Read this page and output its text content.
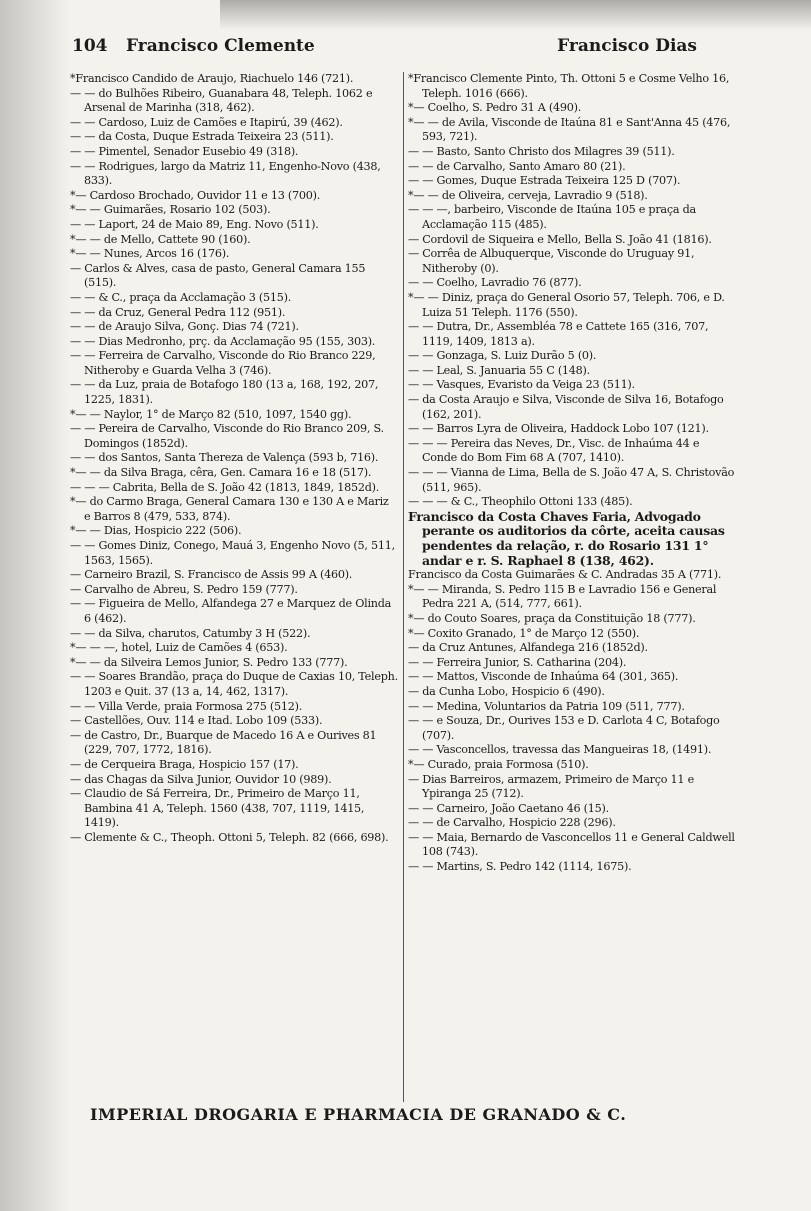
104 Francisco Clemente	Francisco Dias

*Francisco Candido de Araujo, Riachuelo 146 (721).

— — do Bulhões Ribeiro, Guanabara 48, Teleph. 1062 e Arsenal de Marinha (318, 462).

— — Cardoso, Luiz de Camões e Itapirú, 39 (462).

— — da Costa, Duque Estrada Teixeira 23 (511).

— — Pimentel, Senador Eusebio 49 (318).

— — Rodrigues, largo da Matriz 11, Engenho-Novo (438, 833).

*— Cardoso Brochado, Ouvidor 11 e 13 (700).

*— — Guimarães, Rosario 102 (503).

— — Laport, 24 de Maio 89, Eng. Novo (511).

*— — de Mello, Cattete 90 (160).

*— — Nunes, Arcos 16 (176).

— Carlos & Alves, casa de pasto, General Camara 155 (515).

— — & C., praça da Acclamação 3 (515).

— — da Cruz, General Pedra 112 (951).

— — de Araujo Silva, Gonç. Dias 74 (721).

— — Dias Medronho, prç. da Acclamação 95 (155, 303).

— — Ferreira de Carvalho, Visconde do Rio Branco 229, Nitheroby e Guarda Velha 3 (746).

— — da Luz, praia de Botafogo 180 (13 a, 168, 192, 207, 1225, 1831).

*— — Naylor, 1° de Março 82 (510, 1097, 1540 gg).

— — Pereira de Carvalho, Visconde do Rio Branco 209, S. Domingos (1852d).

— — dos Santos, Santa Thereza de Valença (593 b, 716).

*— — da Silva Braga, cêra, Gen. Camara 16 e 18 (517).

— — — Cabrita, Bella de S. João 42 (1813, 1849, 1852d).

*— do Carmo Braga, General Camara 130 e 130 A e Mariz e Barros 8 (479, 533, 874).

*— — Dias, Hospicio 222 (506).

— — Gomes Diniz, Conego, Mauá 3, Engenho Novo (5, 511, 1563, 1565).

— Carneiro Brazil, S. Francisco de Assis 99 A (460).

— Carvalho de Abreu, S. Pedro 159 (777).

— — Figueira de Mello, Alfandega 27 e Marquez de Olinda 6 (462).

— — da Silva, charutos, Catumby 3 H (522).

*— — —, hotel, Luiz de Camões 4 (653).

*— — da Silveira Lemos Junior, S. Pedro 133 (777).

— — Soares Brandão, praça do Duque de Caxias 10, Teleph. 1203 e Quit. 37 (13 a, 14, 462, 1317).

— — Villa Verde, praia Formosa 275 (512).

— Castellões, Ouv. 114 e Itad. Lobo 109 (533).

— de Castro, Dr., Buarque de Macedo 16 A e Ourives 81 (229, 707, 1772, 1816).

— de Cerqueira Braga, Hospicio 157 (17).

— das Chagas da Silva Junior, Ouvidor 10 (989).

— Claudio de Sá Ferreira, Dr., Primeiro de Março 11, Bambina 41 A, Teleph. 1560 (438, 707, 1119, 1415, 1419).

— Clemente & C., Theoph. Ottoni 5, Teleph. 82 (666, 698).

*Francisco Clemente Pinto, Th. Ottoni 5 e Cosme Velho 16, Teleph. 1016 (666).

*— Coelho, S. Pedro 31 A (490).

*— — de Avila, Visconde de Itaúna 81 e Sant'Anna 45 (476, 593, 721).

— — Basto, Santo Christo dos Milagres 39 (511).

— — de Carvalho, Santo Amaro 80 (21).

— — Gomes, Duque Estrada Teixeira 125 D (707).

*— — de Oliveira, cerveja, Lavradio 9 (518).

— — —, barbeiro, Visconde de Itaúna 105 e praça da Acclamação 115 (485).

— Cordovil de Siqueira e Mello, Bella S. João 41 (1816).

— Corrêa de Albuquerque, Visconde do Uruguay 91, Nitheroby (0).

— — Coelho, Lavradio 76 (877).

*— — Diniz, praça do General Osorio 57, Teleph. 706, e D. Luiza 51 Teleph. 1176 (550).

— — Dutra, Dr., Assembléa 78 e Cattete 165 (316, 707, 1119, 1409, 1813 a).

— — Gonzaga, S. Luiz Durão 5 (0).

— — Leal, S. Januaria 55 C (148).

— — Vasques, Evaristo da Veiga 23 (511).

— da Costa Araujo e Silva, Visconde de Silva 16, Botafogo (162, 201).

— — Barros Lyra de Oliveira, Haddock Lobo 107 (121).

— — — Pereira das Neves, Dr., Visc. de Inhaúma 44 e Conde do Bom Fim 68 A (707, 1410).

— — — Vianna de Lima, Bella de S. João 47 A, S. Christovão (511, 965).

— — — & C., Theophilo Ottoni 133 (485).

Francisco da Costa Chaves Faria, Advogado perante os auditorios da côrte, aceita causas pendentes da relação, r. do Rosario 131 1° andar e r. S. Raphael 8 (138, 462).

Francisco da Costa Guimarães & C. Andradas 35 A (771).

*— — Miranda, S. Pedro 115 B e Lavradio 156 e General Pedra 221 A, (514, 777, 661).

*— do Couto Soares, praça da Constituição 18 (777).

*— Coxito Granado, 1° de Março 12 (550).

— da Cruz Antunes, Alfandega 216 (1852d).

— — Ferreira Junior, S. Catharina (204).

— — Mattos, Visconde de Inhaúma 64 (301, 365).

— da Cunha Lobo, Hospicio 6 (490).

— — Medina, Voluntarios da Patria 109 (511, 777).

— — e Souza, Dr., Ourives 153 e D. Carlota 4 C, Botafogo (707).

— — Vasconcellos, travessa das Mangueiras 18, (1491).

*— Curado, praia Formosa (510).

— Dias Barreiros, armazem, Primeiro de Março 11 e Ypiranga 25 (712).

— — Carneiro, João Caetano 46 (15).

— — de Carvalho, Hospicio 228 (296).

— — Maia, Bernardo de Vasconcellos 11 e General Caldwell 108 (743).

— — Martins, S. Pedro 142 (1114, 1675).

IMPERIAL DROGARIA E PHARMACIA DE GRANADO & C.
